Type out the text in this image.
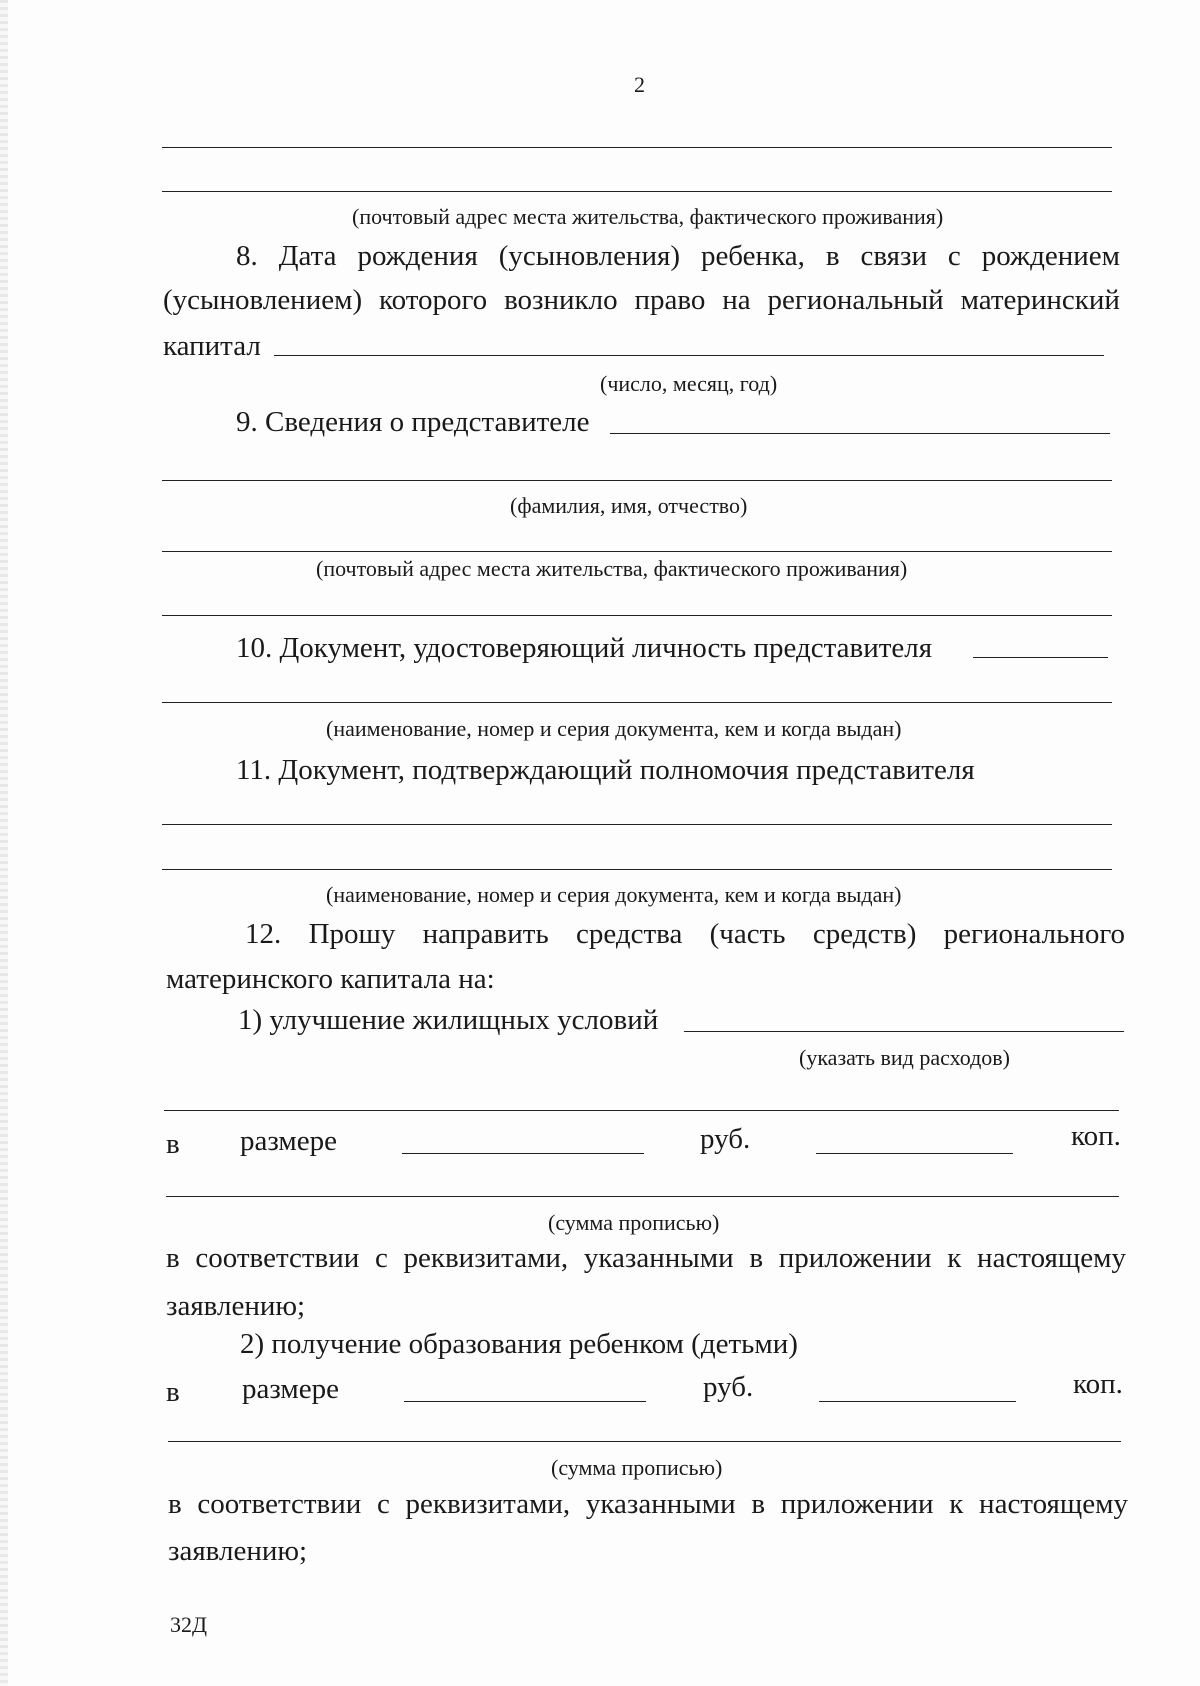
2
(почтовый адрес места жительства, фактического проживания)
8. Дата рождения (усыновления) ребенка, в связи с рождением
(усыновлением) которого возникло право на региональный материнский
капитал
(число, месяц, год)
9. Сведения о представителе
(фамилия, имя, отчество)
(почтовый адрес места жительства, фактического проживания)
10. Документ, удостоверяющий личность представителя
(наименование, номер и серия документа, кем и когда выдан)
11. Документ, подтверждающий полномочия представителя
(наименование, номер и серия документа, кем и когда выдан)
12. Прошу направить средства (часть средств) регионального
материнского капитала на:
1) улучшение жилищных условий
(указать вид расходов)
в размере	руб.	коп.
(сумма прописью)
в соответствии с реквизитами, указанными в приложении к настоящему
заявлению;
2) получение образования ребенком (детьми)
в размере	руб.	коп.
(сумма прописью)
в соответствии с реквизитами, указанными в приложении к настоящему
заявлению;
32Д
